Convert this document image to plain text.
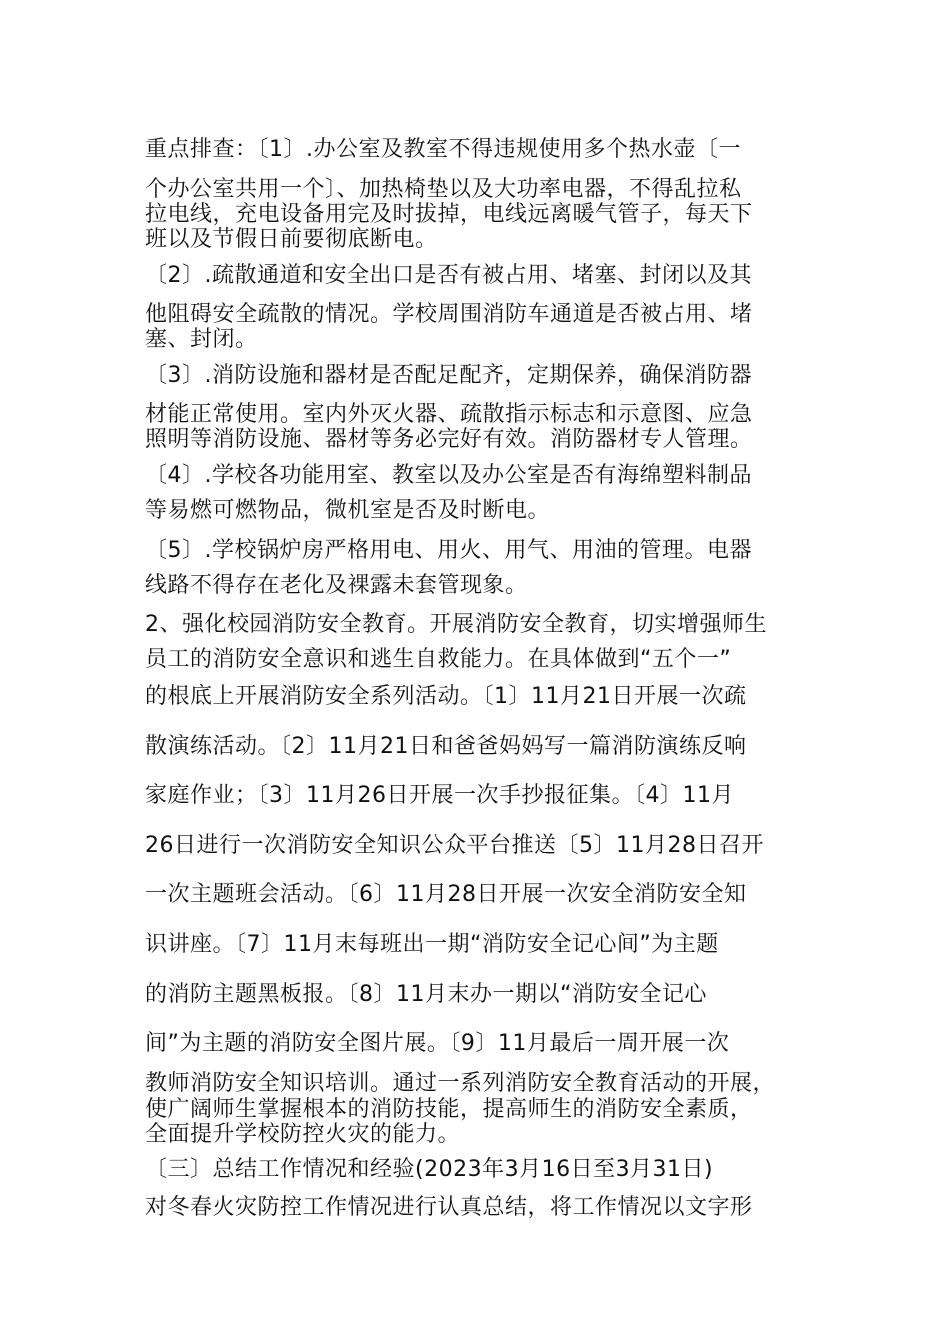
重点排查：〔1〕.办公室及教室不得违规使用多个热水壶〔一
个办公室共用一个〕、加热椅垫以及大功率电器，不得乱拉私
拉电线，充电设备用完及时拔掉，电线远离暖气管子，每天下
班以及节假日前要彻底断电。
〔2〕.疏散通道和安全出口是否有被占用、堵塞、封闭以及其
他阻碍安全疏散的情况。学校周围消防车通道是否被占用、堵
塞、封闭。
〔3〕.消防设施和器材是否配足配齐，定期保养，确保消防器
材能正常使用。室内外灭火器、疏散指示标志和示意图、应急
照明等消防设施、器材等务必完好有效。消防器材专人管理。
〔4〕.学校各功能用室、教室以及办公室是否有海绵塑料制品
等易燃可燃物品，微机室是否及时断电。
〔5〕.学校锅炉房严格用电、用火、用气、用油的管理。电器
线路不得存在老化及裸露未套管现象。
2、强化校园消防安全教育。开展消防安全教育，切实增强师生
员工的消防安全意识和逃生自救能力。在具体做到“五个一”
的根底上开展消防安全系列活动。〔1〕11月21日开展一次疏
散演练活动。〔2〕11月21日和爸爸妈妈写一篇消防演练反响
家庭作业；〔3〕11月26日开展一次手抄报征集。〔4〕11月
26日进行一次消防安全知识公众平台推送〔5〕11月28日召开
一次主题班会活动。〔6〕11月28日开展一次安全消防安全知
识讲座。〔7〕11月末每班出一期“消防安全记心间”为主题
的消防主题黑板报。〔8〕11月末办一期以“消防安全记心
间”为主题的消防安全图片展。〔9〕11月最后一周开展一次
教师消防安全知识培训。通过一系列消防安全教育活动的开展，
使广阔师生掌握根本的消防技能，提高师生的消防安全素质，
全面提升学校防控火灾的能力。
〔三〕总结工作情况和经验(2023年3月16日至3月31日)
对冬春火灾防控工作情况进行认真总结，将工作情况以文字形
